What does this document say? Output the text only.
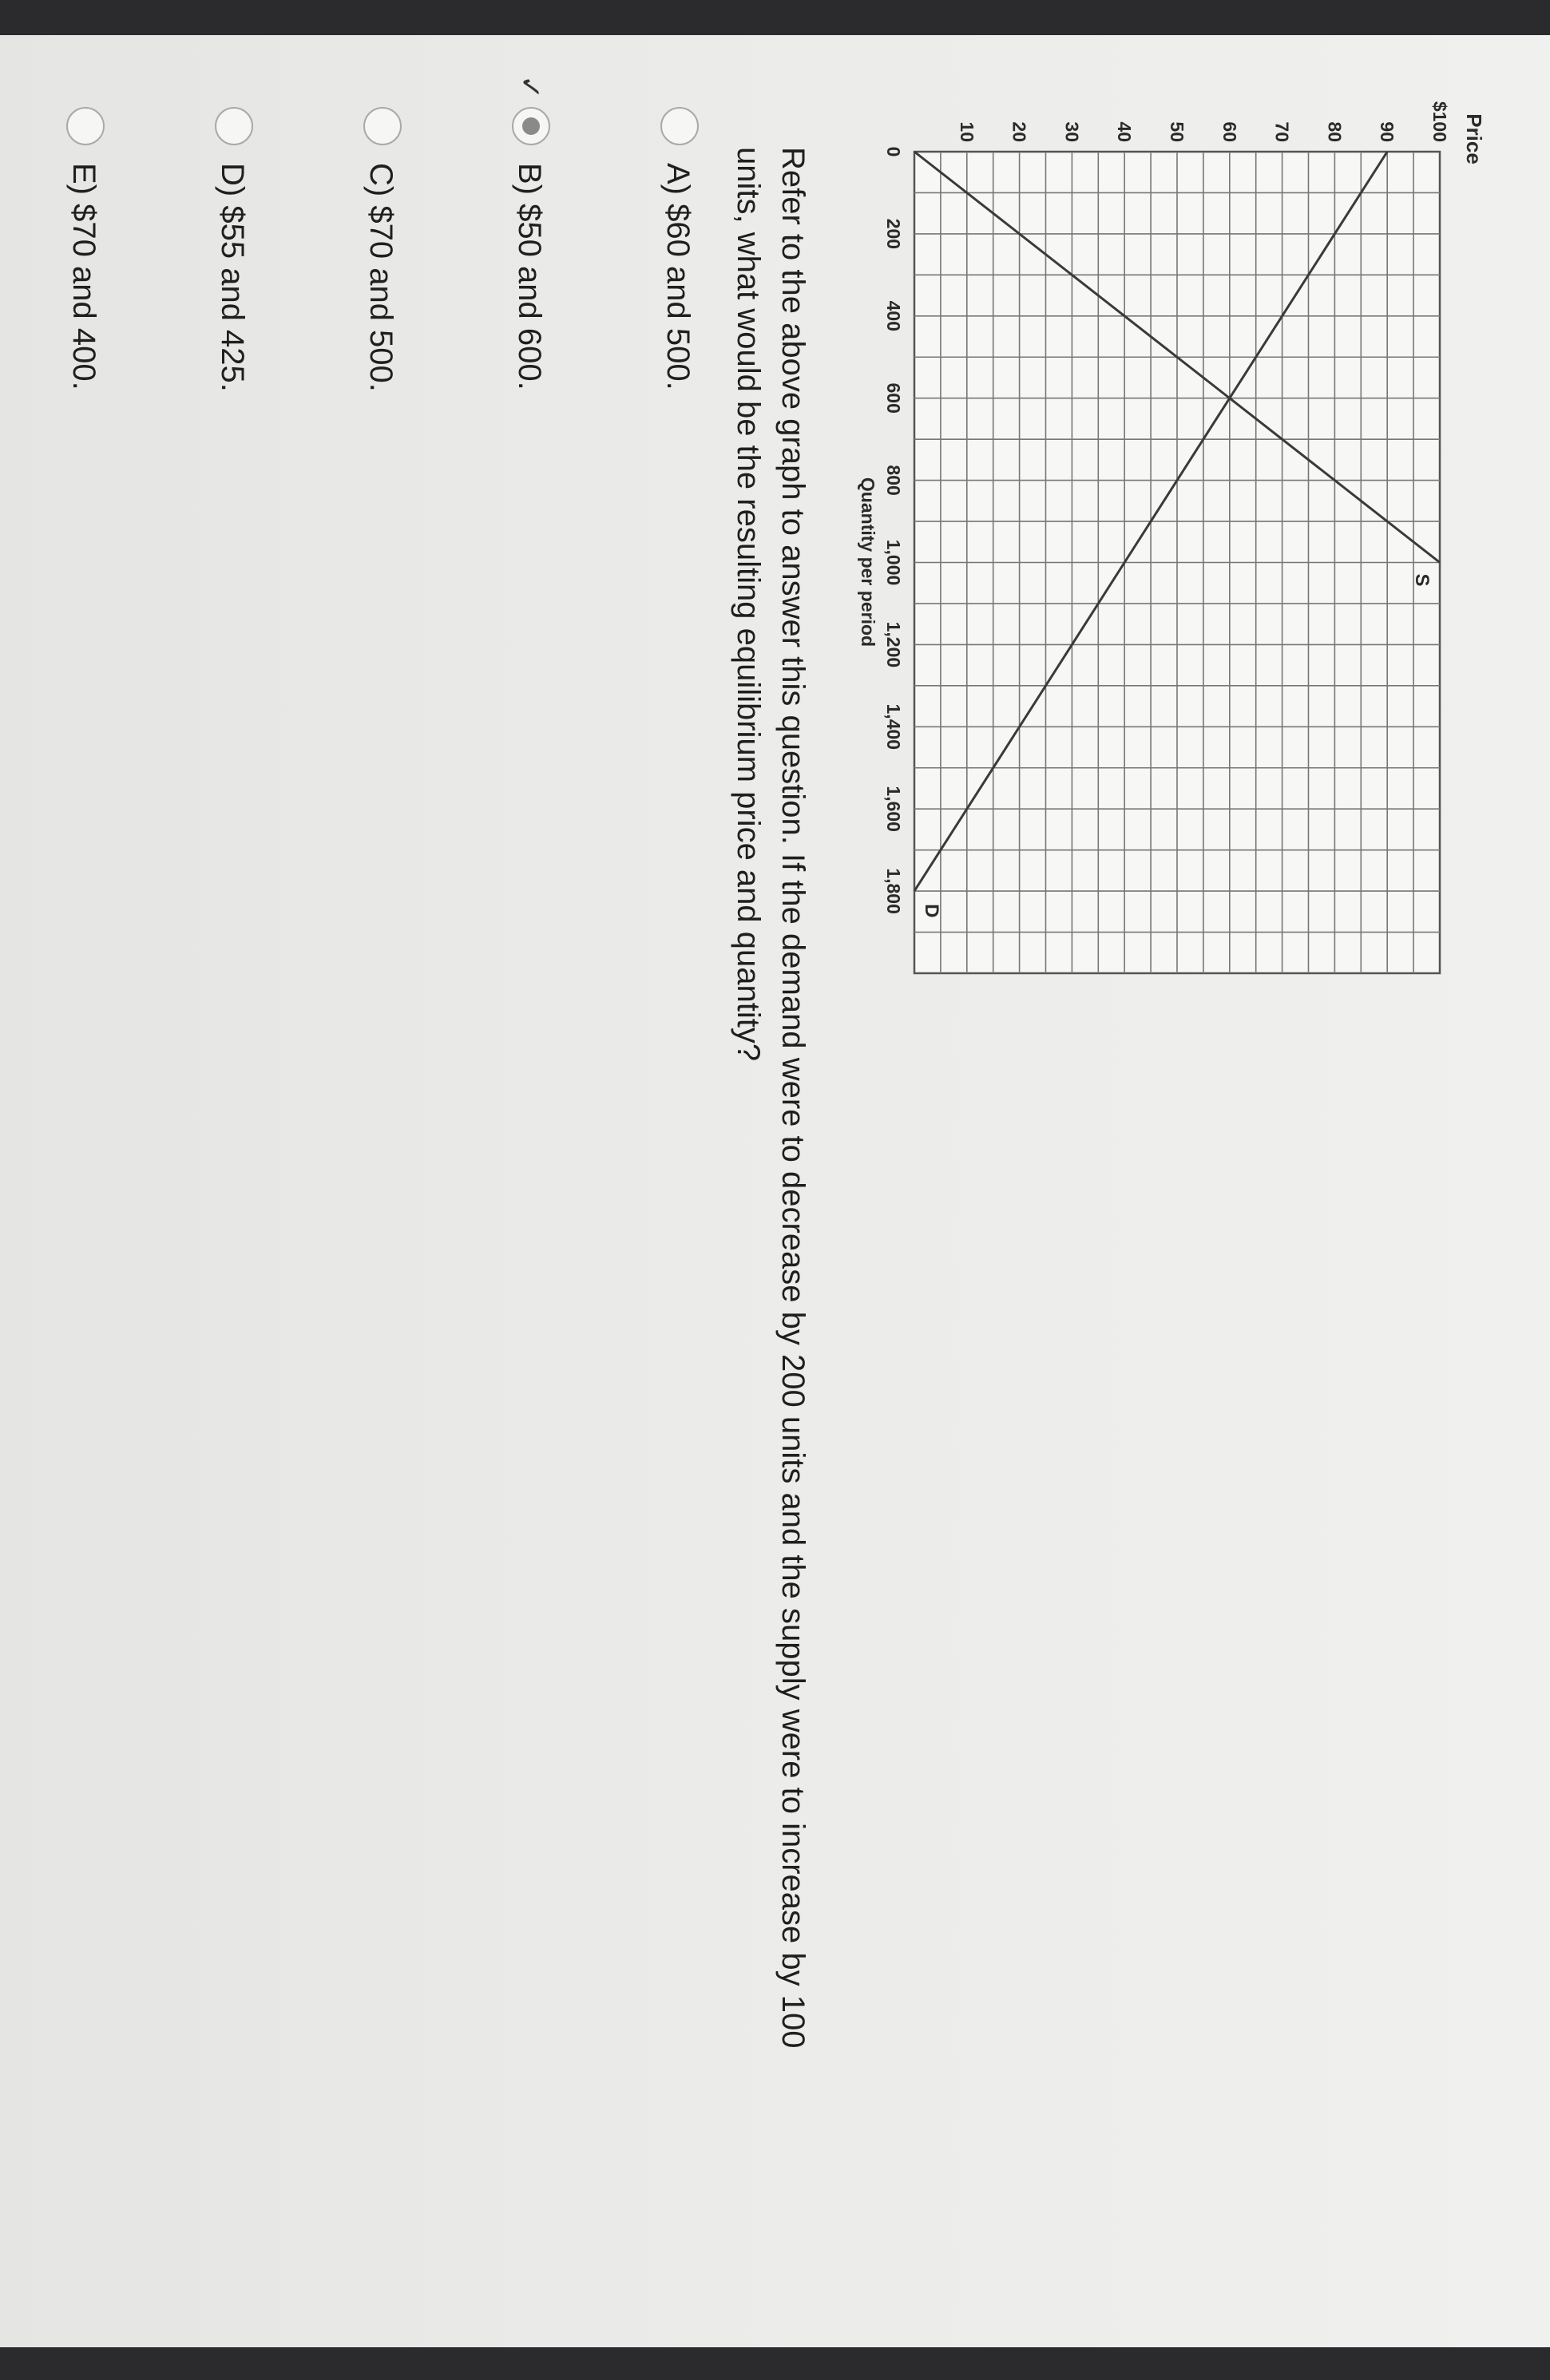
0
200
400
600
800
1,000
1,200
1,400
1,600
1,800
$100
90
80
70
60
50
40
30
20
10
S
D
Price
Quantity per period
Refer to the above graph to answer this question. If the demand were to decrease by 200 units and the supply were to increase by 100 units, what would be the resulting equilibrium price and quantity?
A) $60 and 500.
✓
B) $50 and 600.
C) $70 and 500.
D) $55 and 425.
E) $70 and 400.
